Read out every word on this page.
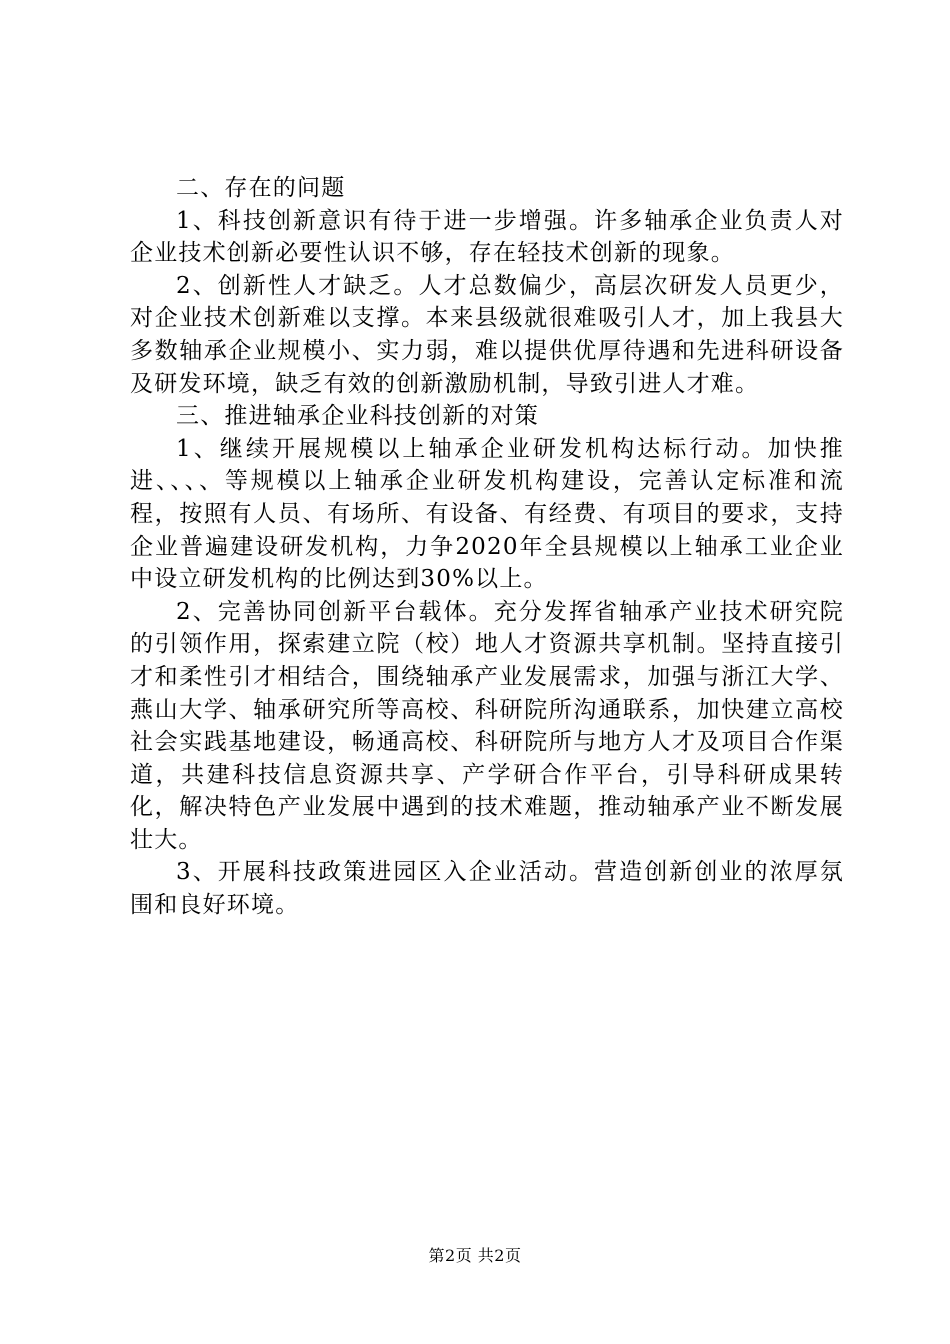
二、存在的问题

1、科技创新意识有待于进一步增强。许多轴承企业负责人对企业技术创新必要性认识不够，存在轻技术创新的现象。

2、创新性人才缺乏。人才总数偏少，高层次研发人员更少，对企业技术创新难以支撑。本来县级就很难吸引人才，加上我县大多数轴承企业规模小、实力弱，难以提供优厚待遇和先进科研设备及研发环境，缺乏有效的创新激励机制，导致引进人才难。

三、推进轴承企业科技创新的对策

1、继续开展规模以上轴承企业研发机构达标行动。加快推进、、、、等规模以上轴承企业研发机构建设，完善认定标准和流程，按照有人员、有场所、有设备、有经费、有项目的要求，支持企业普遍建设研发机构，力争2020年全县规模以上轴承工业企业中设立研发机构的比例达到30%以上。

2、完善协同创新平台载体。充分发挥省轴承产业技术研究院的引领作用，探索建立院（校）地人才资源共享机制。坚持直接引才和柔性引才相结合，围绕轴承产业发展需求，加强与浙江大学、燕山大学、轴承研究所等高校、科研院所沟通联系，加快建立高校社会实践基地建设，畅通高校、科研院所与地方人才及项目合作渠道，共建科技信息资源共享、产学研合作平台，引导科研成果转化，解决特色产业发展中遇到的技术难题，推动轴承产业不断发展壮大。

3、开展科技政策进园区入企业活动。营造创新创业的浓厚氛围和良好环境。

第2页 共2页
